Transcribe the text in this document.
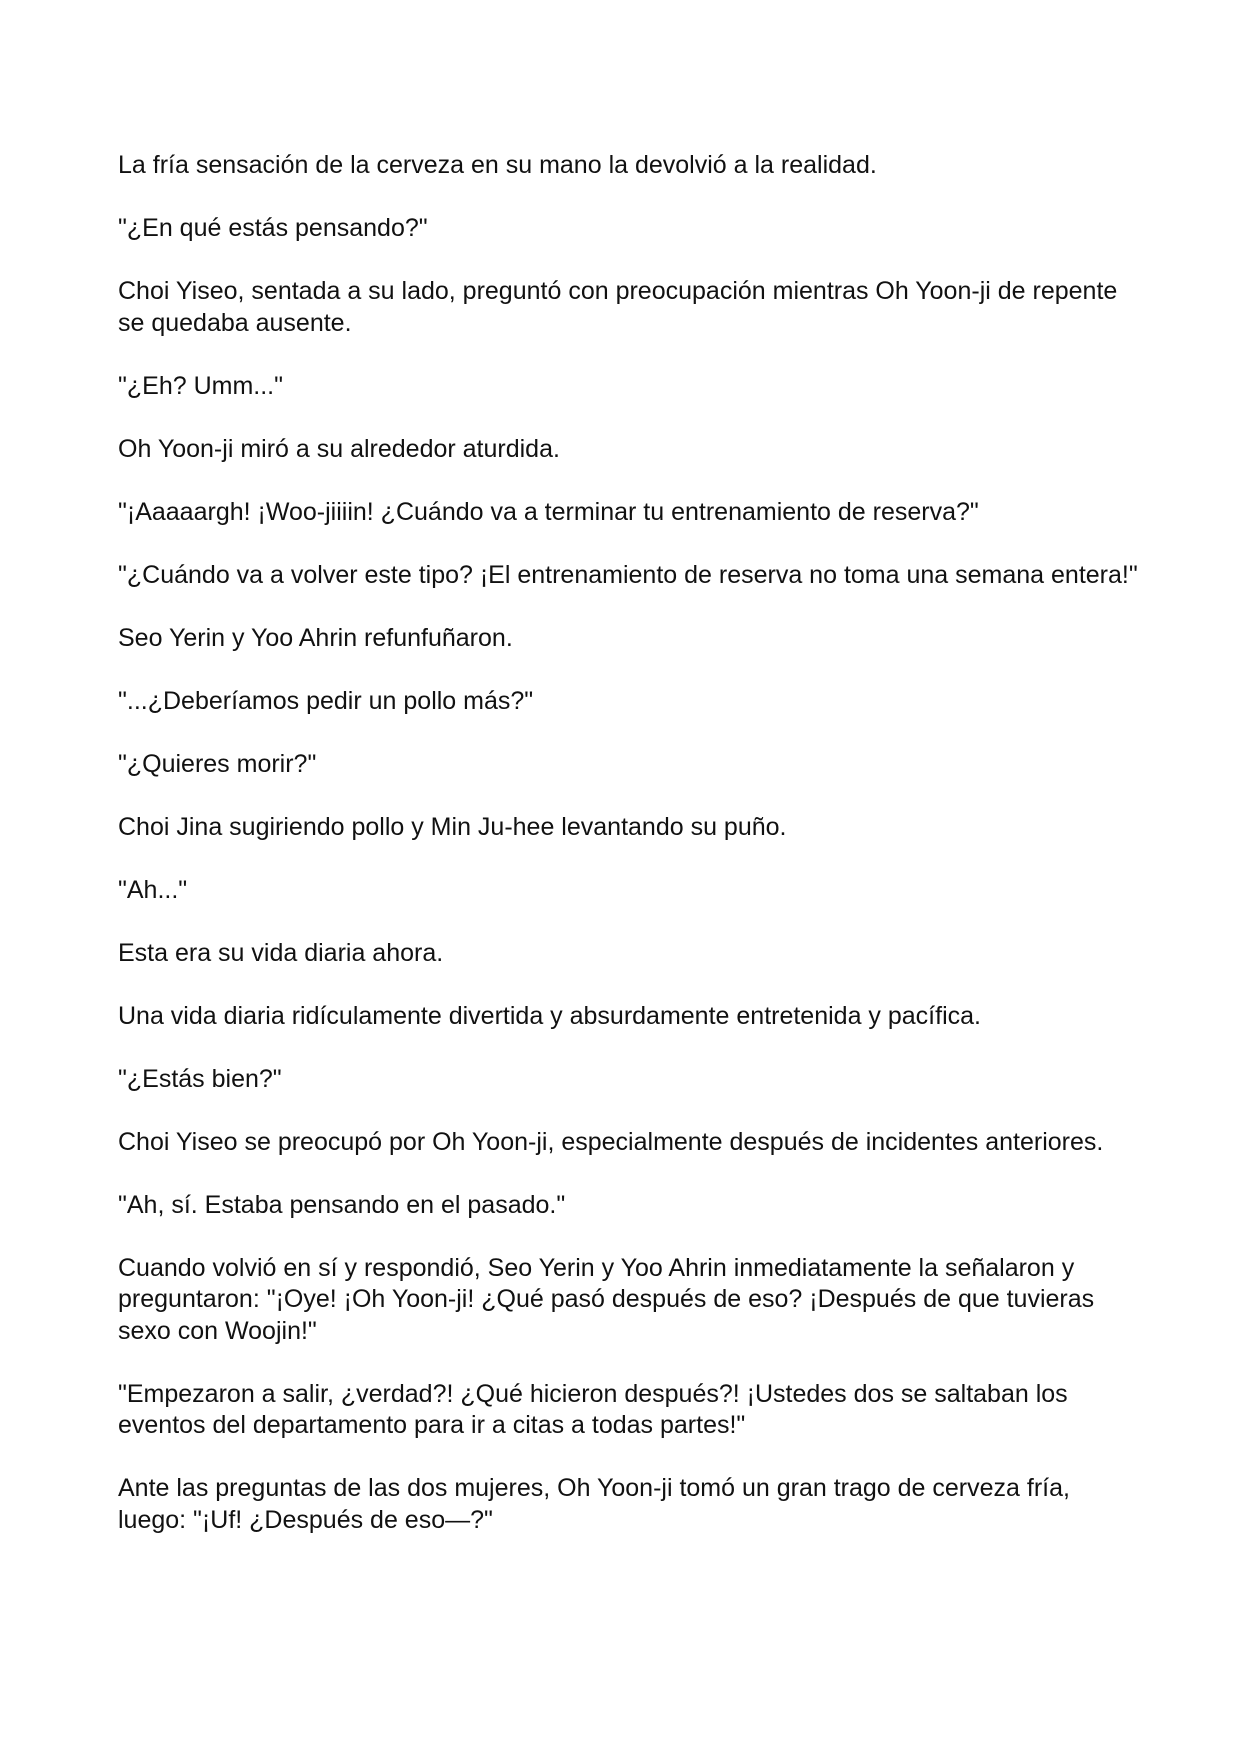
La fría sensación de la cerveza en su mano la devolvió a la realidad.

"¿En qué estás pensando?"

Choi Yiseo, sentada a su lado, preguntó con preocupación mientras Oh Yoon-ji de repente se quedaba ausente.

"¿Eh? Umm..."

Oh Yoon-ji miró a su alrededor aturdida.

"¡Aaaaargh! ¡Woo-jiiiin! ¿Cuándo va a terminar tu entrenamiento de reserva?"

"¿Cuándo va a volver este tipo? ¡El entrenamiento de reserva no toma una semana entera!"

Seo Yerin y Yoo Ahrin refunfuñaron.

"...¿Deberíamos pedir un pollo más?"

"¿Quieres morir?"

Choi Jina sugiriendo pollo y Min Ju-hee levantando su puño.

"Ah..."

Esta era su vida diaria ahora.

Una vida diaria ridículamente divertida y absurdamente entretenida y pacífica.

"¿Estás bien?"

Choi Yiseo se preocupó por Oh Yoon-ji, especialmente después de incidentes anteriores.

"Ah, sí. Estaba pensando en el pasado."

Cuando volvió en sí y respondió, Seo Yerin y Yoo Ahrin inmediatamente la señalaron y preguntaron: "¡Oye! ¡Oh Yoon-ji! ¿Qué pasó después de eso? ¡Después de que tuvieras sexo con Woojin!"

"Empezaron a salir, ¿verdad?! ¿Qué hicieron después?! ¡Ustedes dos se saltaban los eventos del departamento para ir a citas a todas partes!"

Ante las preguntas de las dos mujeres, Oh Yoon-ji tomó un gran trago de cerveza fría, luego: "¡Uf! ¿Después de eso—?"
